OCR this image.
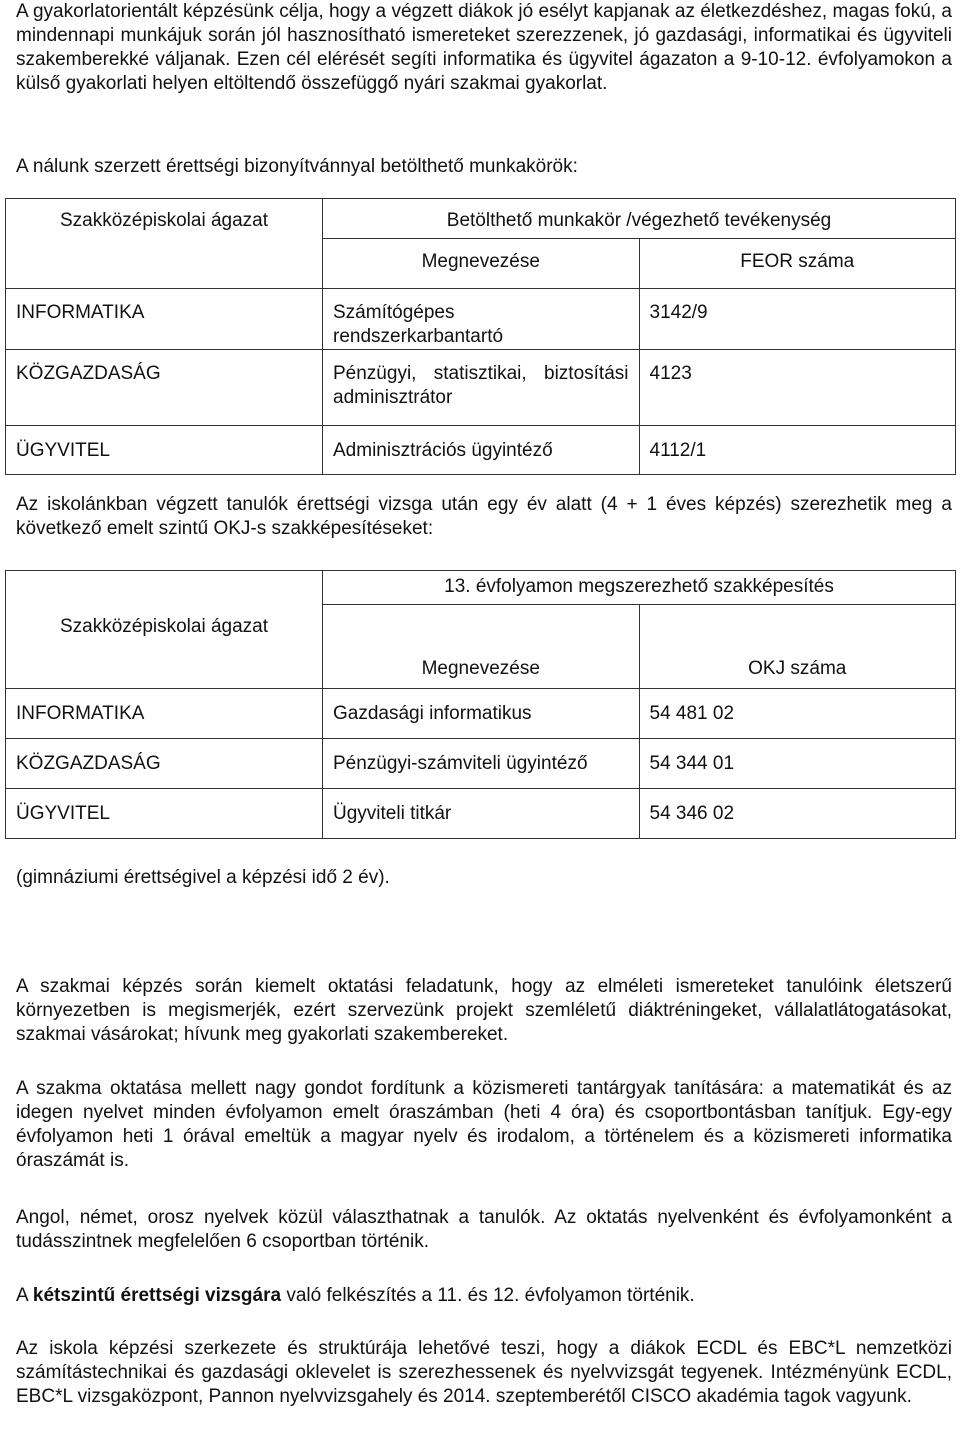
A gyakorlatorientált képzésünk célja, hogy a végzett diákok jó esélyt kapjanak az életkezdéshez, magas fokú, a mindennapi munkájuk során jól hasznosítható ismereteket szerezzenek, jó gazdasági, informatikai és ügyviteli szakemberekké váljanak. Ezen cél elérését segíti informatika és ügyvitel ágazaton a 9-10-12. évfolyamokon a külső gyakorlati helyen eltöltendő összefüggő nyári szakmai gyakorlat.

A nálunk szerzett érettségi bizonyítvánnyal betölthető munkakörök:

Szakközépiskolai ágazat	Betölthető munkakör /végezhető tevékenység	
	Megnevezése	FEOR száma
INFORMATIKA	Számítógépes rendszerkarbantartó	3142/9
KÖZGAZDASÁG	Pénzügyi, statisztikai, biztosítási adminisztrátor	4123
ÜGYVITEL	Adminisztrációs ügyintéző	4112/1

Az iskolánkban végzett tanulók érettségi vizsga után egy év alatt (4 + 1 éves képzés) szerezhetik meg a következő emelt szintű OKJ-s szakképesítéseket:

Szakközépiskolai ágazat	13. évfolyamon megszerezhető szakképesítés	
	Megnevezése	OKJ száma
INFORMATIKA	Gazdasági informatikus	54 481 02
KÖZGAZDASÁG	Pénzügyi-számviteli ügyintéző	54 344 01
ÜGYVITEL	Ügyviteli titkár	54 346 02

(gimnáziumi érettségivel a képzési idő 2 év).

A szakmai képzés során kiemelt oktatási feladatunk, hogy az elméleti ismereteket tanulóink életszerű környezetben is megismerjék, ezért szervezünk projekt szemléletű diáktréningeket, vállalatlátogatásokat, szakmai vásárokat; hívunk meg gyakorlati szakembereket.

A szakma oktatása mellett nagy gondot fordítunk a közismereti tantárgyak tanítására: a matematikát és az idegen nyelvet minden évfolyamon emelt óraszámban (heti 4 óra) és csoportbontásban tanítjuk. Egy-egy évfolyamon heti 1 órával emeltük a magyar nyelv és irodalom, a történelem és a közismereti informatika óraszámát is.

Angol, német, orosz nyelvek közül választhatnak a tanulók. Az oktatás nyelvenként és évfolyamonként a tudásszintnek megfelelően 6 csoportban történik.

A kétszintű érettségi vizsgára való felkészítés a 11. és 12. évfolyamon történik.

Az iskola képzési szerkezete és struktúrája lehetővé teszi, hogy a diákok ECDL és EBC*L nemzetközi számítástechnikai és gazdasági oklevelet is szerezhessenek és nyelvvizsgát tegyenek. Intézményünk ECDL, EBC*L vizsgaközpont, Pannon nyelvvizsgahely és 2014. szeptemberétől CISCO akadémia tagok vagyunk.
